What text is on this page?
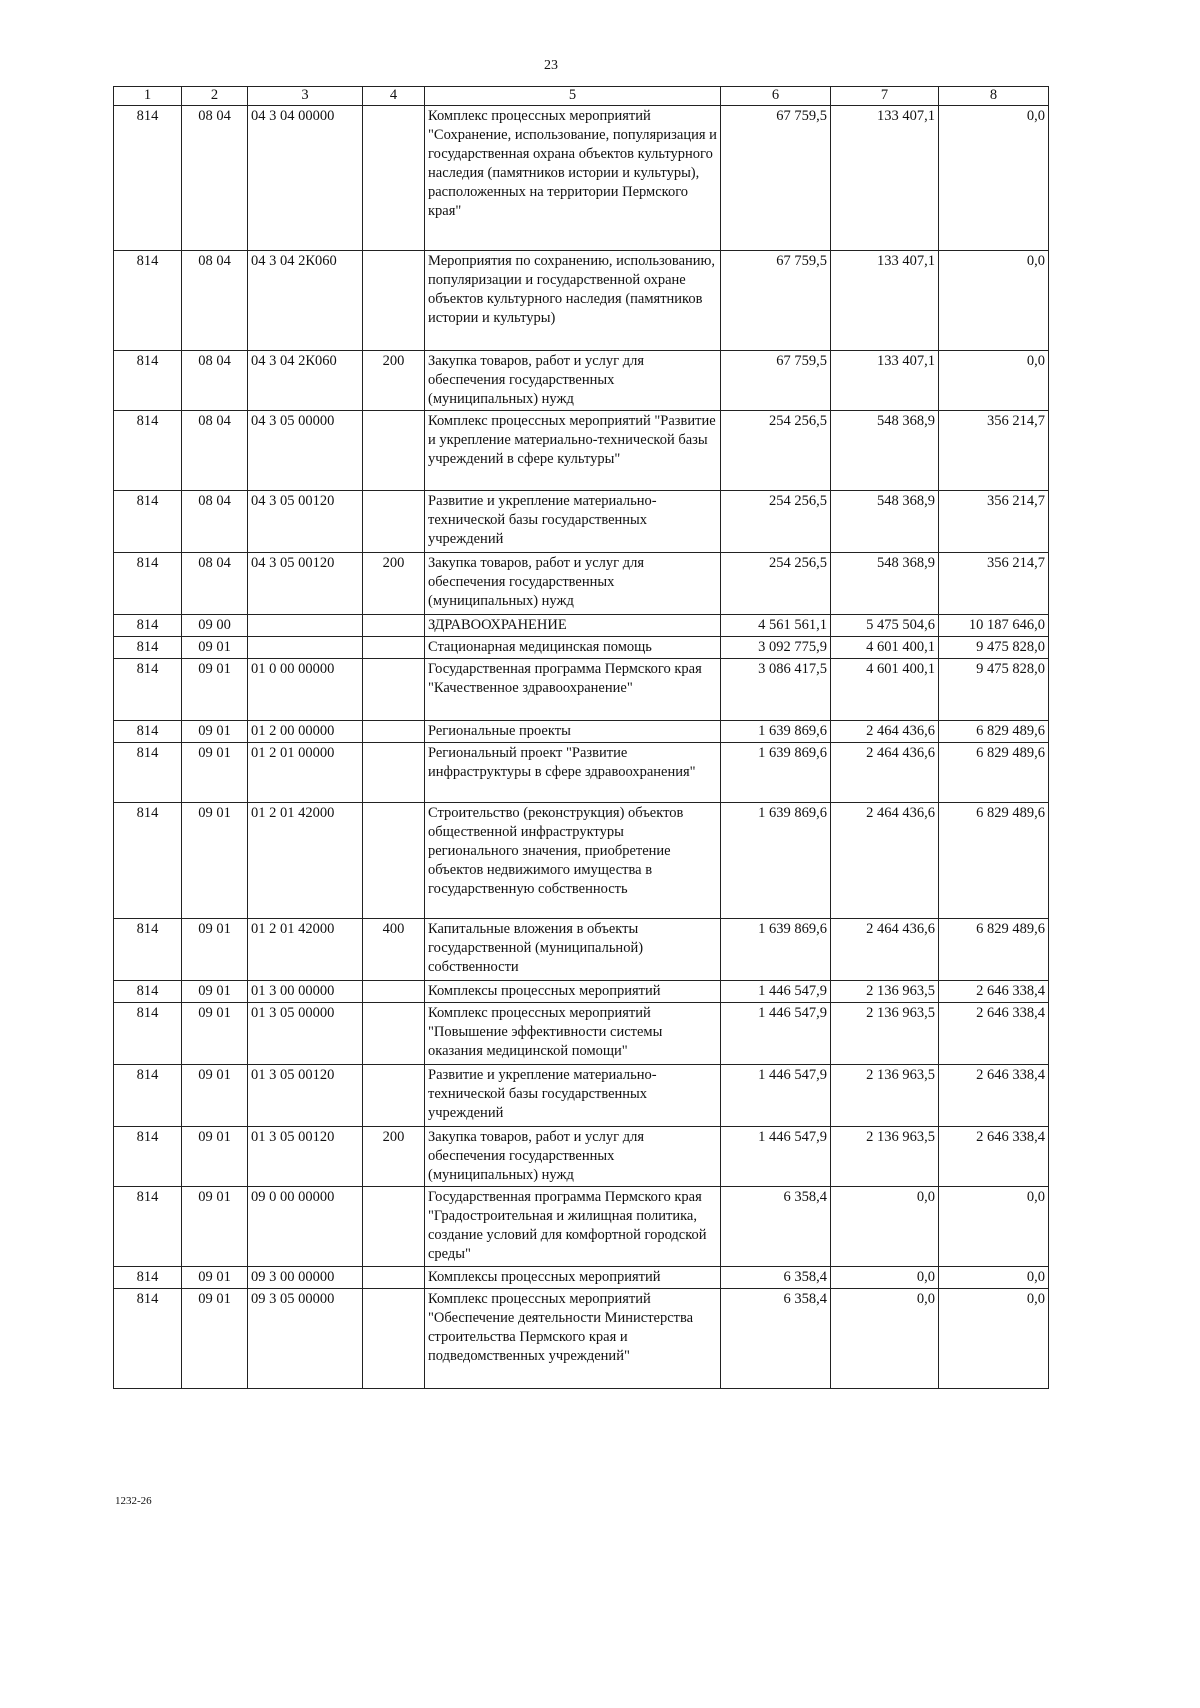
23
1	2	3	4	5	6	7	8
814	08 04	04 3 04 00000		Комплекс процессных мероприятий "Сохранение, использование, популяризация и государственная охрана объектов культурного наследия (памятников истории и культуры), расположенных на территории Пермского края"	67 759,5	133 407,1	0,0
814	08 04	04 3 04 2К060		Мероприятия по сохранению, использованию, популяризации и государственной охране объектов культурного наследия (памятников истории и культуры)	67 759,5	133 407,1	0,0
814	08 04	04 3 04 2К060	200	Закупка товаров, работ и услуг для обеспечения государственных (муниципальных) нужд	67 759,5	133 407,1	0,0
814	08 04	04 3 05 00000		Комплекс процессных мероприятий "Развитие и укрепление материально-технической базы учреждений в сфере культуры"	254 256,5	548 368,9	356 214,7
814	08 04	04 3 05 00120		Развитие и укрепление материально-технической базы государственных учреждений	254 256,5	548 368,9	356 214,7
814	08 04	04 3 05 00120	200	Закупка товаров, работ и услуг для обеспечения государственных (муниципальных) нужд	254 256,5	548 368,9	356 214,7
814	09 00			ЗДРАВООХРАНЕНИЕ	4 561 561,1	5 475 504,6	10 187 646,0
814	09 01			Стационарная медицинская помощь	3 092 775,9	4 601 400,1	9 475 828,0
814	09 01	01 0 00 00000		Государственная программа Пермского края "Качественное здравоохранение"	3 086 417,5	4 601 400,1	9 475 828,0
814	09 01	01 2 00 00000		Региональные проекты	1 639 869,6	2 464 436,6	6 829 489,6
814	09 01	01 2 01 00000		Региональный проект "Развитие инфраструктуры в сфере здравоохранения"	1 639 869,6	2 464 436,6	6 829 489,6
814	09 01	01 2 01 42000		Строительство (реконструкция) объектов общественной инфраструктуры регионального значения, приобретение объектов недвижимого имущества в государственную собственность	1 639 869,6	2 464 436,6	6 829 489,6
814	09 01	01 2 01 42000	400	Капитальные вложения в объекты государственной (муниципальной) собственности	1 639 869,6	2 464 436,6	6 829 489,6
814	09 01	01 3 00 00000		Комплексы процессных мероприятий	1 446 547,9	2 136 963,5	2 646 338,4
814	09 01	01 3 05 00000		Комплекс процессных мероприятий "Повышение эффективности системы оказания медицинской помощи"	1 446 547,9	2 136 963,5	2 646 338,4
814	09 01	01 3 05 00120		Развитие и укрепление материально-технической базы государственных учреждений	1 446 547,9	2 136 963,5	2 646 338,4
814	09 01	01 3 05 00120	200	Закупка товаров, работ и услуг для обеспечения государственных (муниципальных) нужд	1 446 547,9	2 136 963,5	2 646 338,4
814	09 01	09 0 00 00000		Государственная программа Пермского края "Градостроительная и жилищная политика, создание условий для комфортной городской среды"	6 358,4	0,0	0,0
814	09 01	09 3 00 00000		Комплексы процессных мероприятий	6 358,4	0,0	0,0
814	09 01	09 3 05 00000		Комплекс процессных мероприятий "Обеспечение деятельности Министерства строительства Пермского края и подведомственных учреждений"	6 358,4	0,0	0,0
1232-26
